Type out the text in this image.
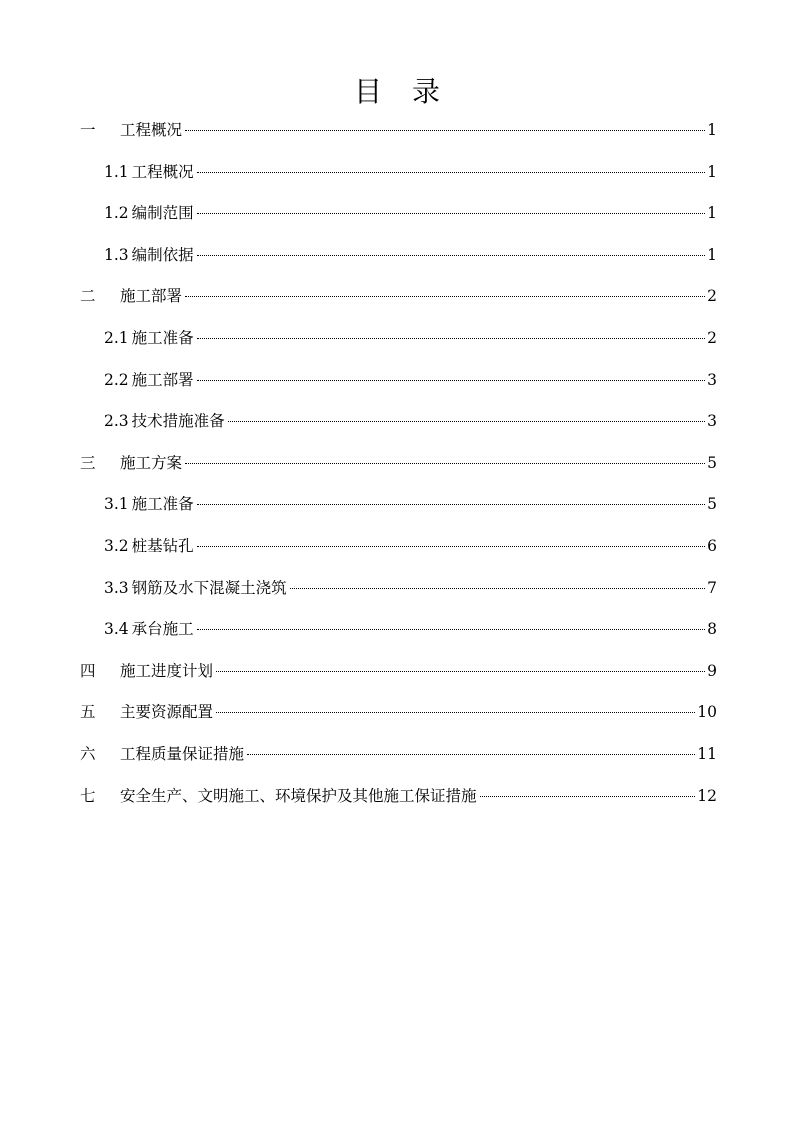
目录
一	工程概况	1
1.1 工程概况	1
1.2 编制范围	1
1.3 编制依据	1
二	施工部署	2
2.1 施工准备	2
2.2 施工部署	3
2.3 技术措施准备	3
三	施工方案	5
3.1 施工准备	5
3.2 桩基钻孔	6
3.3 钢筋及水下混凝土浇筑	7
3.4 承台施工	8
四	施工进度计划	9
五	主要资源配置	10
六	工程质量保证措施	11
七	安全生产、文明施工、环境保护及其他施工保证措施	12
